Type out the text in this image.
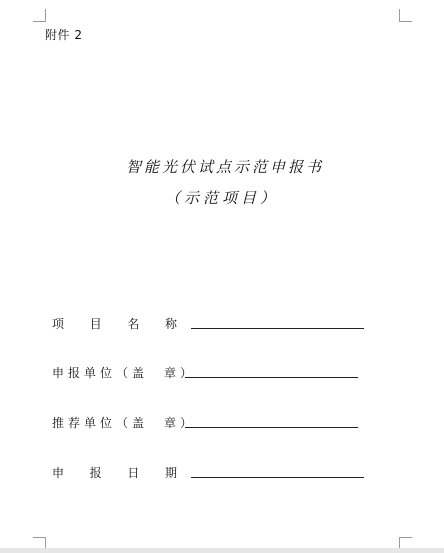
附件 2
智能光伏试点示范申报书
（示范项目）
项 目 名 称
申报单位（盖　章）
推荐单位（盖　章）
申 报 日 期
